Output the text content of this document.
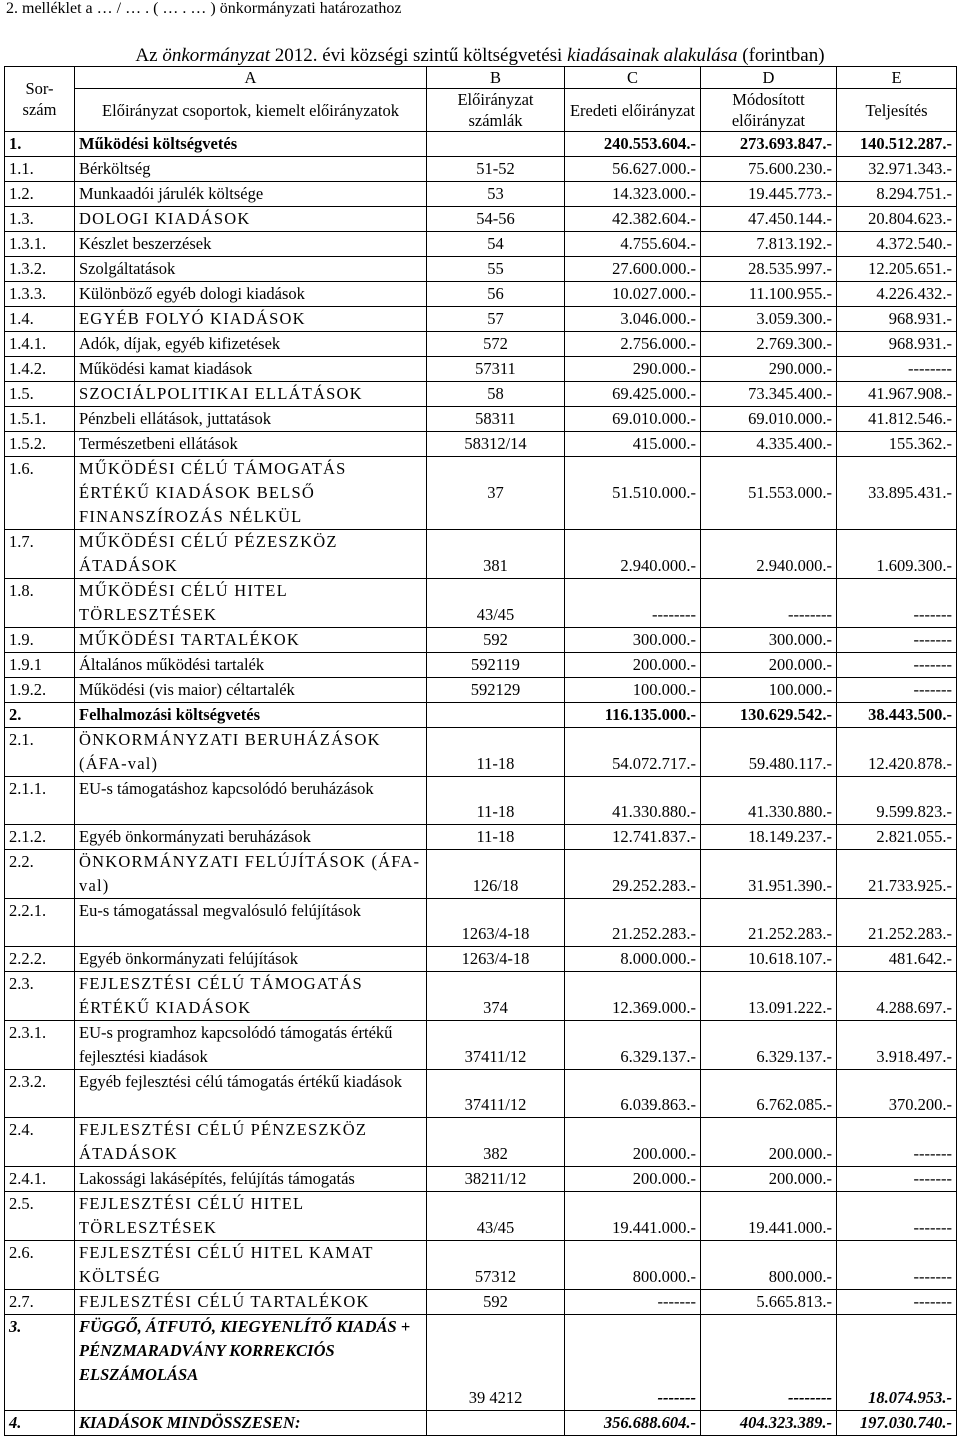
2. melléklet a … / … . ( … . … ) önkormányzati határozathoz
Az önkormányzat 2012. évi községi szintű költségvetési kiadásainak alakulása (forintban)
Sor-szám	A	B	C	D	E
	Előirányzat csoportok, kiemelt előirányzatok	Előirányzat számlák	Eredeti előirányzat	Módosított előirányzat	Teljesítés
1.	Működési költségvetés		240.553.604.-	273.693.847.-	140.512.287.-
1.1.	Bérköltség	51-52	56.627.000.-	75.600.230.-	32.971.343.-
1.2.	Munkaadói járulék költsége	53	14.323.000.-	19.445.773.-	8.294.751.-
1.3.	DOLOGI KIADÁSOK	54-56	42.382.604.-	47.450.144.-	20.804.623.-
1.3.1.	Készlet beszerzések	54	4.755.604.-	7.813.192.-	4.372.540.-
1.3.2.	Szolgáltatások	55	27.600.000.-	28.535.997.-	12.205.651.-
1.3.3.	Különböző egyéb dologi kiadások	56	10.027.000.-	11.100.955.-	4.226.432.-
1.4.	EGYÉB FOLYÓ KIADÁSOK	57	3.046.000.-	3.059.300.-	968.931.-
1.4.1.	Adók, díjak, egyéb kifizetések	572	2.756.000.-	2.769.300.-	968.931.-
1.4.2.	Működési kamat kiadások	57311	290.000.-	290.000.-	--------
1.5.	SZOCIÁLPOLITIKAI ELLÁTÁSOK	58	69.425.000.-	73.345.400.-	41.967.908.-
1.5.1.	Pénzbeli ellátások, juttatások	58311	69.010.000.-	69.010.000.-	41.812.546.-
1.5.2.	Természetbeni ellátások	58312/14	415.000.-	4.335.400.-	155.362.-
1.6.	MŰKÖDÉSI CÉLÚ TÁMOGATÁS ÉRTÉKŰ KIADÁSOK BELSŐ FINANSZÍROZÁS NÉLKÜL	37	51.510.000.-	51.553.000.-	33.895.431.-
1.7.	MŰKÖDÉSI CÉLÚ PÉZESZKÖZ ÁTADÁSOK	381	2.940.000.-	2.940.000.-	1.609.300.-
1.8.	MŰKÖDÉSI CÉLÚ HITEL TÖRLESZTÉSEK	43/45	--------	--------	-------
1.9.	MŰKÖDÉSI TARTALÉKOK	592	300.000.-	300.000.-	-------
1.9.1	Általános működési tartalék	592119	200.000.-	200.000.-	-------
1.9.2.	Működési (vis maior) céltartalék	592129	100.000.-	100.000.-	-------
2.	Felhalmozási költségvetés		116.135.000.-	130.629.542.-	38.443.500.-
2.1.	ÖNKORMÁNYZATI BERUHÁZÁSOK (ÁFA-val)	11-18	54.072.717.-	59.480.117.-	12.420.878.-
2.1.1.	EU-s támogatáshoz kapcsolódó beruházások	11-18	41.330.880.-	41.330.880.-	9.599.823.-
2.1.2.	Egyéb önkormányzati beruházások	11-18	12.741.837.-	18.149.237.-	2.821.055.-
2.2.	ÖNKORMÁNYZATI FELÚJÍTÁSOK (ÁFA-val)	126/18	29.252.283.-	31.951.390.-	21.733.925.-
2.2.1.	Eu-s támogatással megvalósuló felújítások	1263/4-18	21.252.283.-	21.252.283.-	21.252.283.-
2.2.2.	Egyéb önkormányzati felújítások	1263/4-18	8.000.000.-	10.618.107.-	481.642.-
2.3.	FEJLESZTÉSI CÉLÚ TÁMOGATÁS ÉRTÉKŰ KIADÁSOK	374	12.369.000.-	13.091.222.-	4.288.697.-
2.3.1.	EU-s programhoz kapcsolódó támogatás értékű fejlesztési kiadások	37411/12	6.329.137.-	6.329.137.-	3.918.497.-
2.3.2.	Egyéb fejlesztési célú támogatás értékű kiadások	37411/12	6.039.863.-	6.762.085.-	370.200.-
2.4.	FEJLESZTÉSI CÉLÚ PÉNZESZKÖZ ÁTADÁSOK	382	200.000.-	200.000.-	-------
2.4.1.	Lakossági lakásépítés, felújítás támogatás	38211/12	200.000.-	200.000.-	-------
2.5.	FEJLESZTÉSI CÉLÚ HITEL TÖRLESZTÉSEK	43/45	19.441.000.-	19.441.000.-	-------
2.6.	FEJLESZTÉSI CÉLÚ HITEL KAMAT KÖLTSÉG	57312	800.000.-	800.000.-	-------
2.7.	FEJLESZTÉSI CÉLÚ TARTALÉKOK	592	-------	5.665.813.-	-------
3.	FÜGGŐ, ÁTFUTÓ, KIEGYENLÍTŐ KIADÁS + PÉNZMARADVÁNY KORREKCIÓS ELSZÁMOLÁSA	39 4212	-------	--------	18.074.953.-
4.	KIADÁSOK MINDÖSSZESEN:		356.688.604.-	404.323.389.-	197.030.740.-
